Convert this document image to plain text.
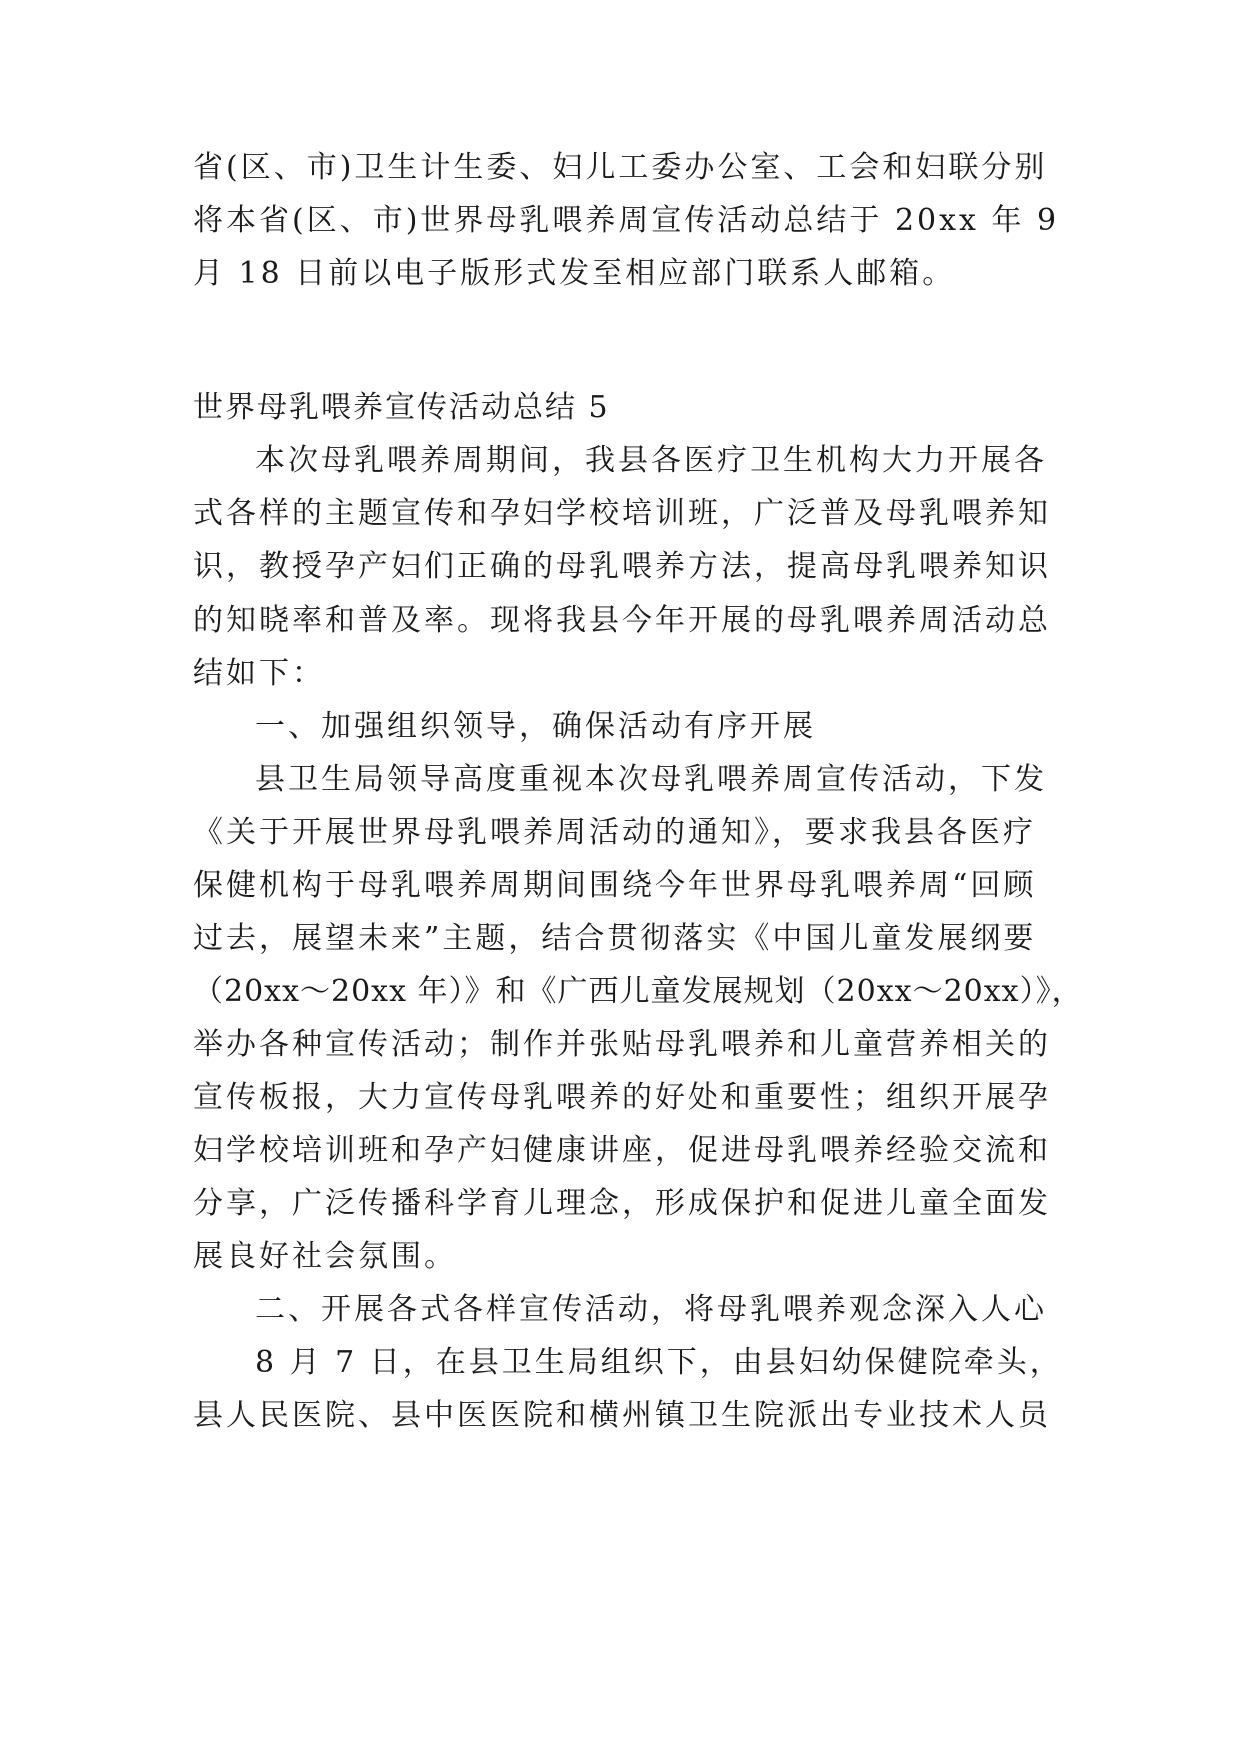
省(区、市)卫生计生委、妇儿工委办公室、工会和妇联分别
将本省(区、市)世界母乳喂养周宣传活动总结于 20xx 年 9
月 18 日前以电子版形式发至相应部门联系人邮箱。
世界母乳喂养宣传活动总结 5
本次母乳喂养周期间，我县各医疗卫生机构大力开展各
式各样的主题宣传和孕妇学校培训班，广泛普及母乳喂养知
识，教授孕产妇们正确的母乳喂养方法，提高母乳喂养知识
的知晓率和普及率。现将我县今年开展的母乳喂养周活动总
结如下：
一、加强组织领导，确保活动有序开展
县卫生局领导高度重视本次母乳喂养周宣传活动，下发
《关于开展世界母乳喂养周活动的通知》，要求我县各医疗
保健机构于母乳喂养周期间围绕今年世界母乳喂养周“回顾
过去，展望未来”主题，结合贯彻落实《中国儿童发展纲要
（20xx～20xx 年）》和《广西儿童发展规划（20xx～20xx）》，
举办各种宣传活动；制作并张贴母乳喂养和儿童营养相关的
宣传板报，大力宣传母乳喂养的好处和重要性；组织开展孕
妇学校培训班和孕产妇健康讲座，促进母乳喂养经验交流和
分享，广泛传播科学育儿理念，形成保护和促进儿童全面发
展良好社会氛围。
二、开展各式各样宣传活动，将母乳喂养观念深入人心
8 月 7 日，在县卫生局组织下，由县妇幼保健院牵头，
县人民医院、县中医医院和横州镇卫生院派出专业技术人员
